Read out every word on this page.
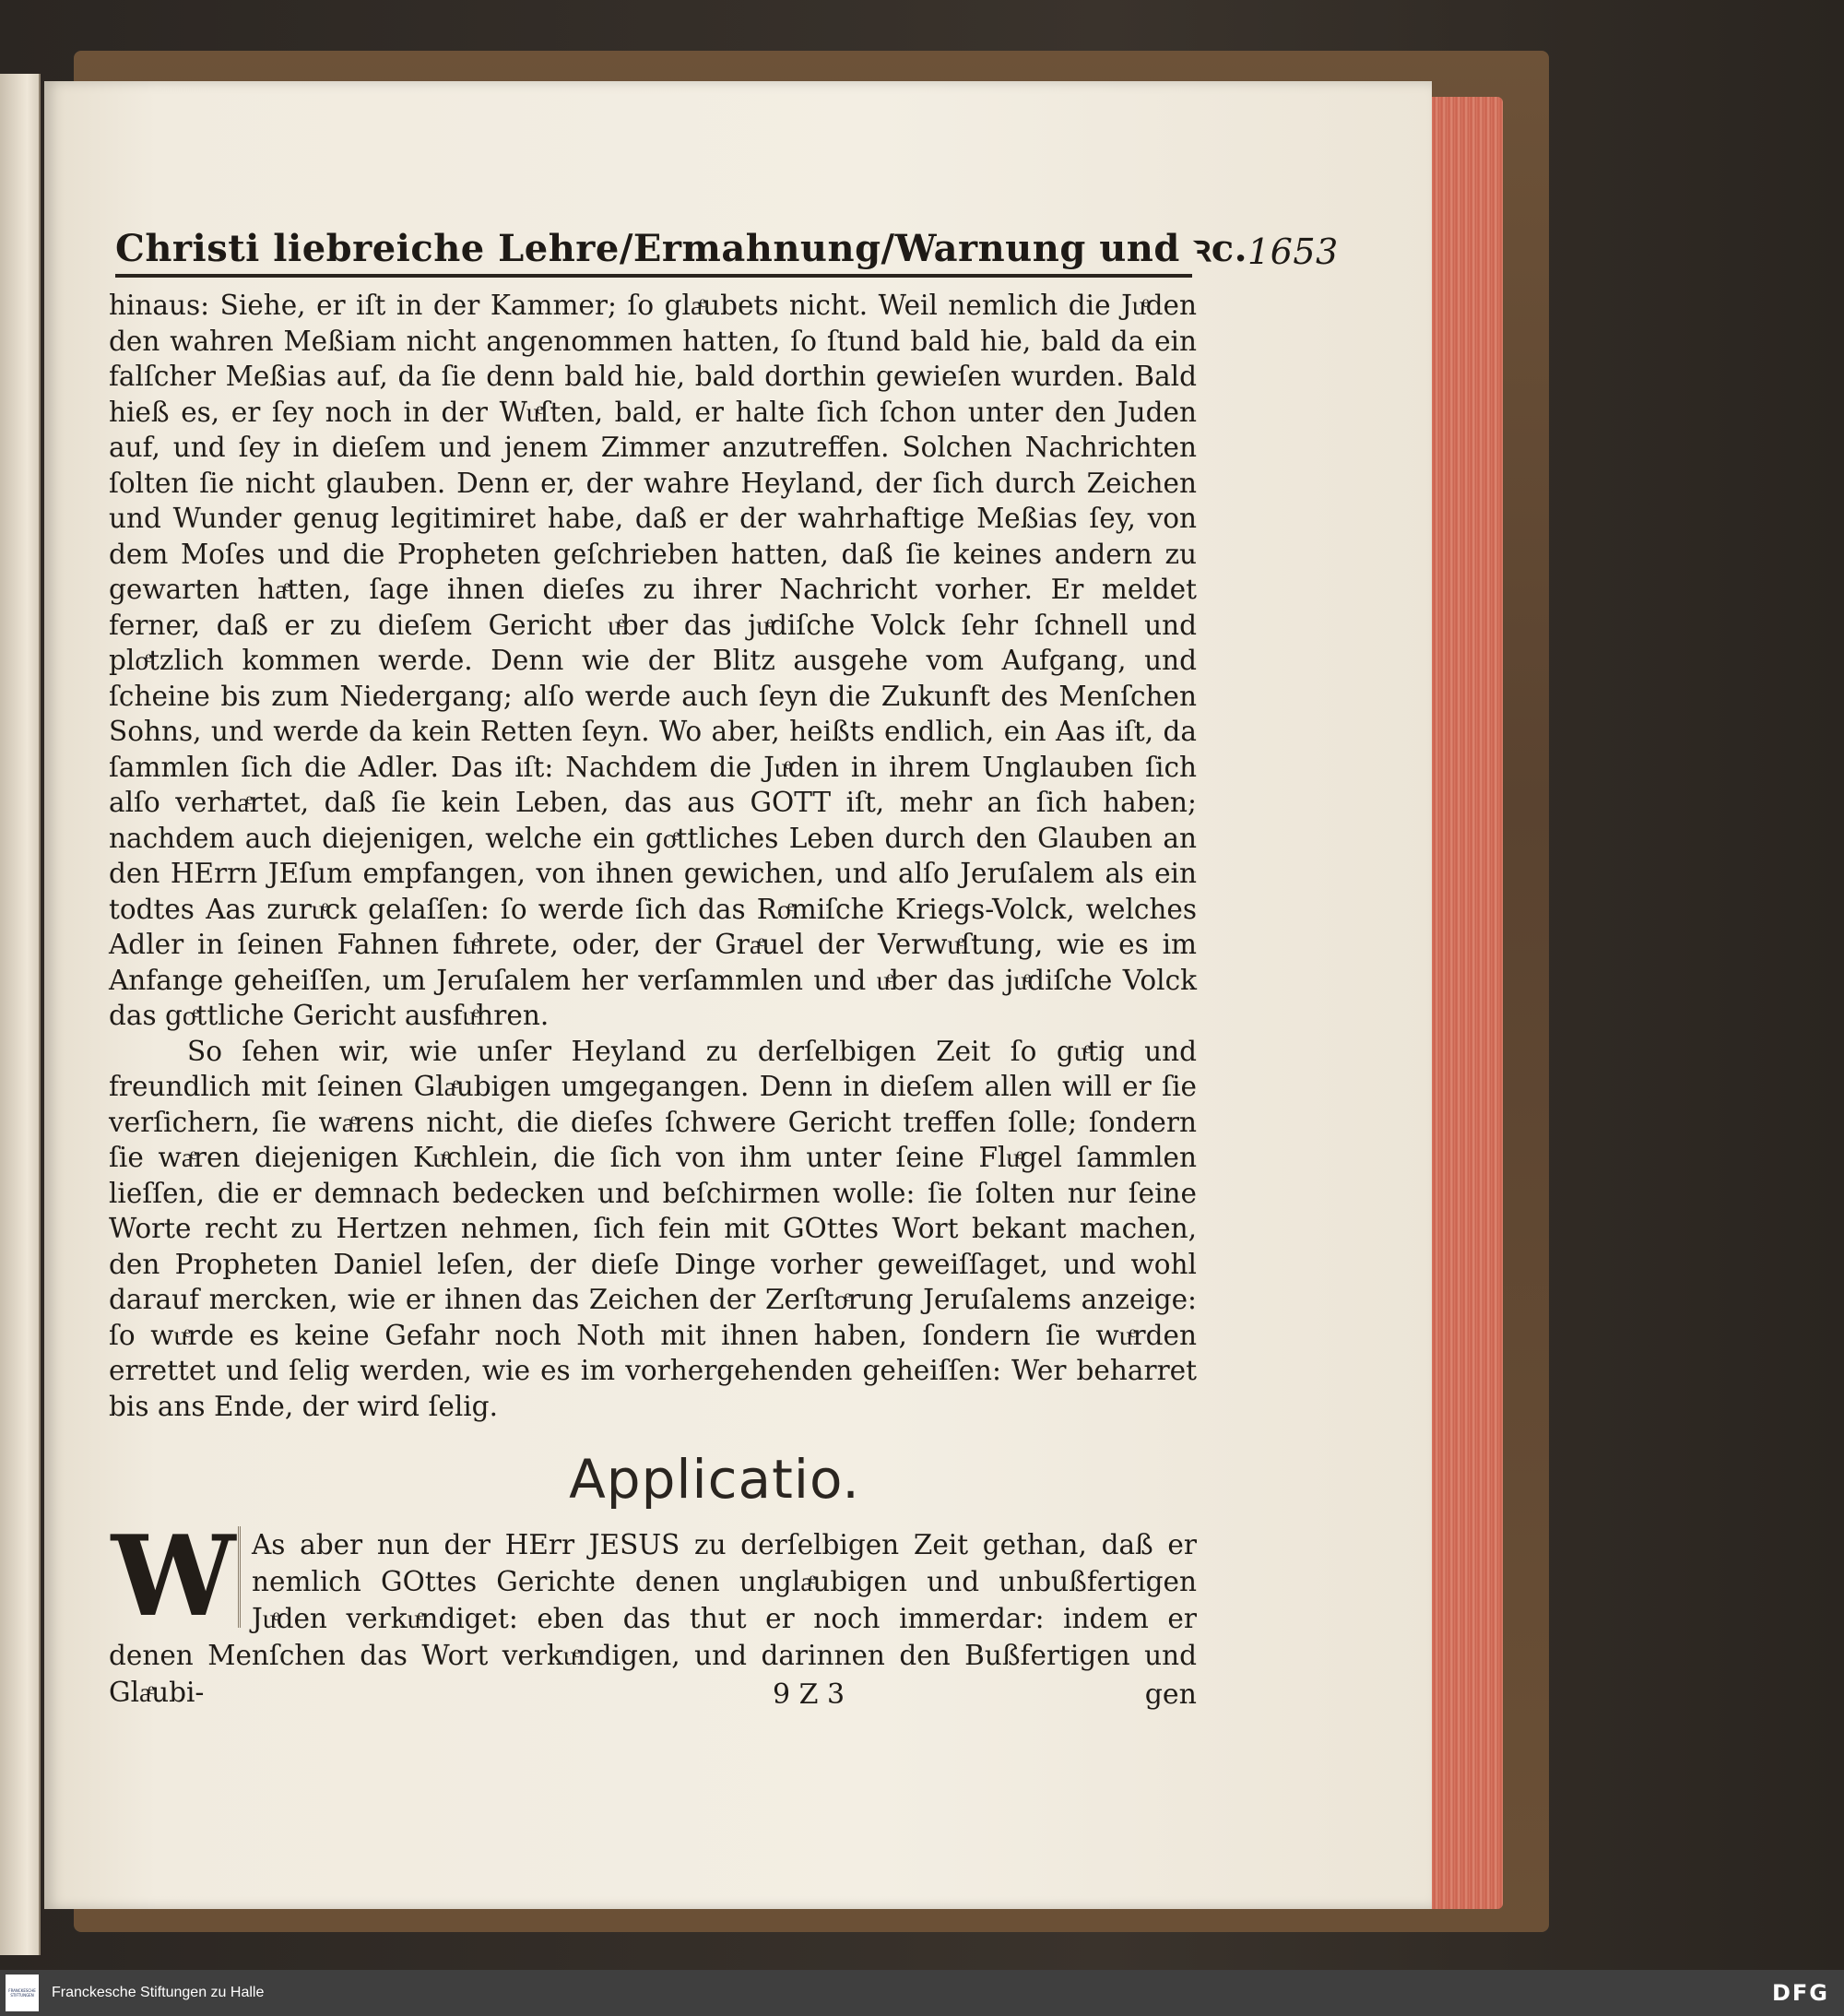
Christi liebreiche Lehre/Ermahnung/Warnung und ꝛc. 1653

hinaus: Siehe, er iſt in der Kammer; ſo glaͤubets nicht. Weil nemlich die Juͤden den wahren Meßiam nicht angenommen hatten, ſo ſtund bald hie, bald da ein falſcher Meßias auf, da ſie denn bald hie, bald dorthin gewieſen wurden. Bald hieß es, er ſey noch in der Wuͤſten, bald, er halte ſich ſchon unter den Juden auf, und ſey in dieſem und jenem Zimmer anzutreffen. Solchen Nachrichten ſolten ſie nicht glauben. Denn er, der wahre Heyland, der ſich durch Zeichen und Wunder genug legitimiret habe, daß er der wahrhaftige Meßias ſey, von dem Moſes und die Propheten geſchrieben hatten, daß ſie keines andern zu gewarten haͤtten, ſage ihnen dieſes zu ihrer Nachricht vorher. Er meldet ferner, daß er zu dieſem Gericht uͤber das juͤdiſche Volck ſehr ſchnell und ploͤtzlich kommen werde. Denn wie der Blitz ausgehe vom Aufgang, und ſcheine bis zum Niedergang; alſo werde auch ſeyn die Zukunft des Menſchen Sohns, und werde da kein Retten ſeyn. Wo aber, heißts endlich, ein Aas iſt, da ſammlen ſich die Adler. Das iſt: Nachdem die Juͤden in ihrem Unglauben ſich alſo verhaͤrtet, daß ſie kein Leben, das aus GOTT iſt, mehr an ſich haben; nachdem auch diejenigen, welche ein goͤttliches Leben durch den Glauben an den HErrn JEſum empfangen, von ihnen gewichen, und alſo Jeruſalem als ein todtes Aas zuruͤck gelaſſen: ſo werde ſich das Roͤmiſche Kriegs-Volck, welches Adler in ſeinen Fahnen fuͤhrete, oder, der Graͤuel der Verwuͤſtung, wie es im Anfange geheiſſen, um Jeruſalem her verſammlen und uͤber das juͤdiſche Volck das goͤttliche Gericht ausfuͤhren.

So ſehen wir, wie unſer Heyland zu derſelbigen Zeit ſo guͤtig und freundlich mit ſeinen Glaͤubigen umgegangen. Denn in dieſem allen will er ſie verſichern, ſie waͤrens nicht, die dieſes ſchwere Gericht treffen ſolle; ſondern ſie waͤren diejenigen Kuͤchlein, die ſich von ihm unter ſeine Fluͤgel ſammlen lieſſen, die er demnach bedecken und beſchirmen wolle: ſie ſolten nur ſeine Worte recht zu Hertzen nehmen, ſich fein mit GOttes Wort bekant machen, den Propheten Daniel leſen, der dieſe Dinge vorher geweiſſaget, und wohl darauf mercken, wie er ihnen das Zeichen der Zerſtoͤrung Jeruſalems anzeige: ſo wuͤrde es keine Gefahr noch Noth mit ihnen haben, ſondern ſie wuͤrden errettet und ſelig werden, wie es im vorhergehenden geheiſſen: Wer beharret bis ans Ende, der wird ſelig.

Applicatio.
W As aber nun der HErr JESUS zu derſelbigen Zeit gethan, daß er nemlich GOttes Gerichte denen unglaͤubigen und unbußfertigen Juͤden verkuͤndiget: eben das thut er noch immerdar: indem er denen Menſchen das Wort verkuͤndigen, und darinnen den Bußfertigen und Glaͤubi-	9 Z 3	gen
FRANCKESCHE STIFTUNGEN	Franckesche Stiftungen zu Halle	DFG
